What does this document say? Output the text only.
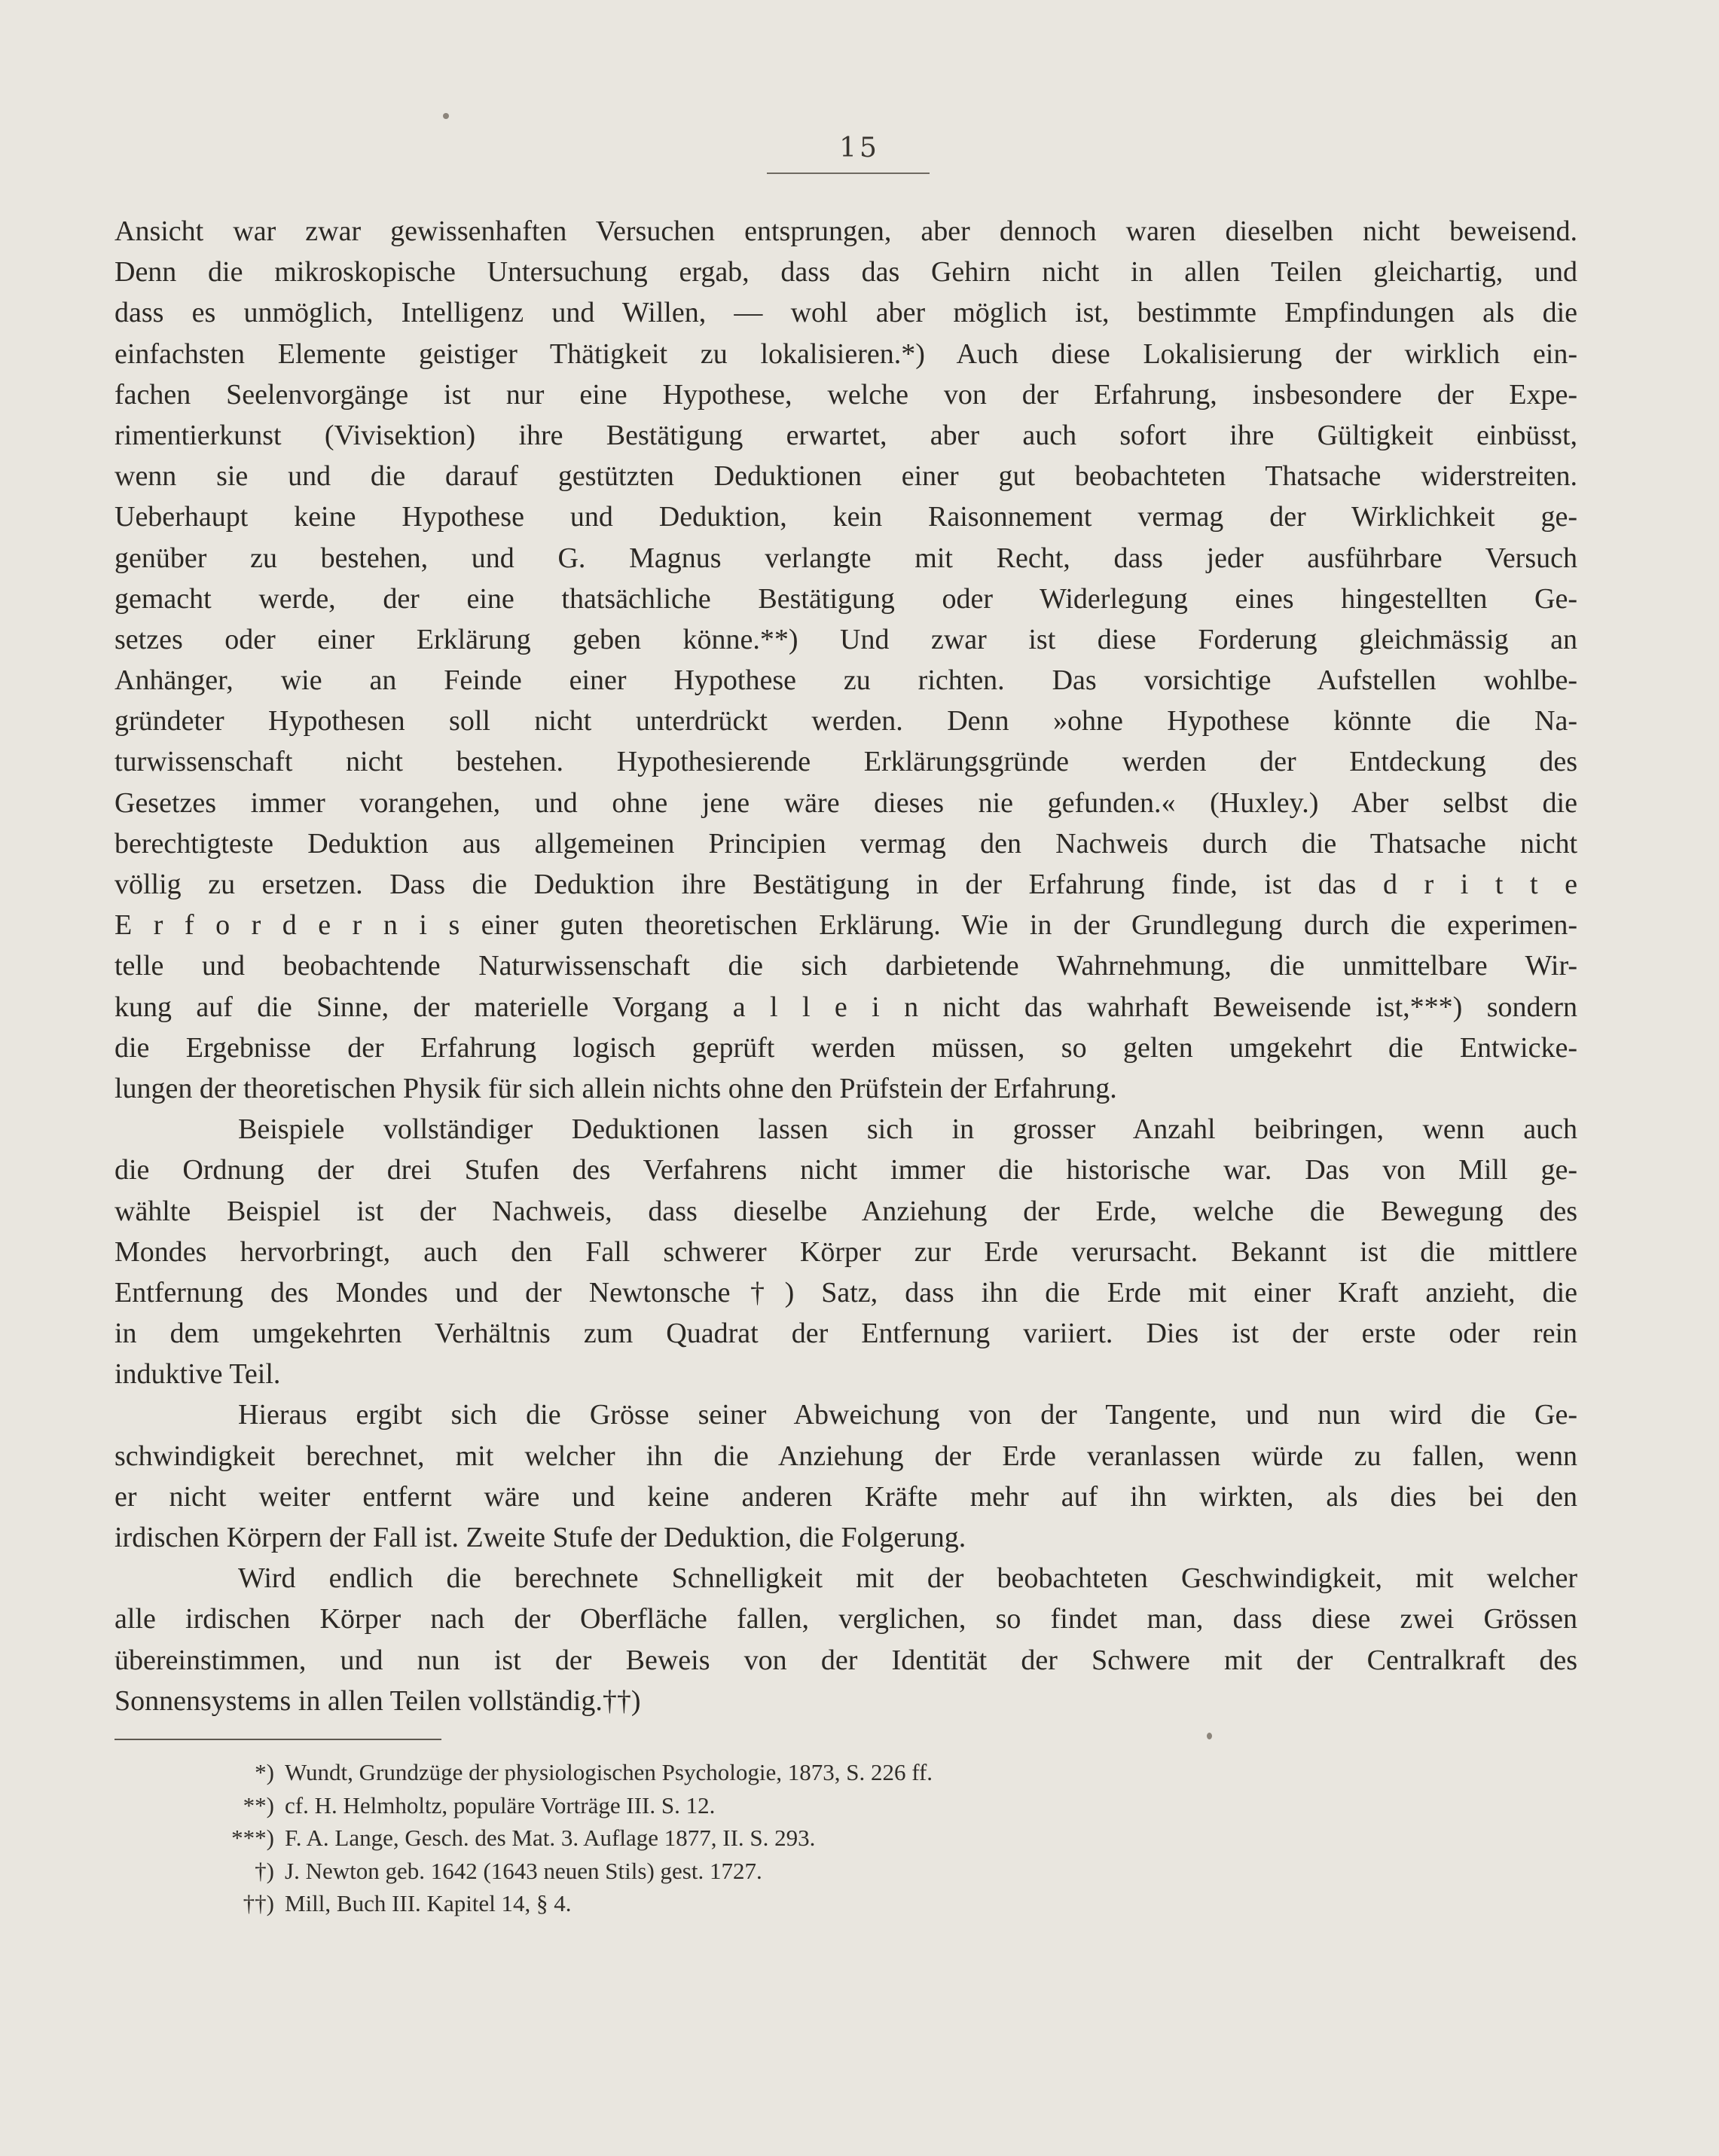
15
Ansicht war zwar gewissenhaften Versuchen entsprungen, aber dennoch waren dieselben nicht beweisend.
Denn die mikroskopische Untersuchung ergab, dass das Gehirn nicht in allen Teilen gleichartig, und
dass es unmöglich, Intelligenz und Willen, — wohl aber möglich ist, bestimmte Empfindungen als die
einfachsten Elemente geistiger Thätigkeit zu lokalisieren.*) Auch diese Lokalisierung der wirklich ein-
fachen Seelenvorgänge ist nur eine Hypothese, welche von der Erfahrung, insbesondere der Expe-
rimentierkunst (Vivisektion) ihre Bestätigung erwartet, aber auch sofort ihre Gültigkeit einbüsst,
wenn sie und die darauf gestützten Deduktionen einer gut beobachteten Thatsache widerstreiten.
Ueberhaupt keine Hypothese und Deduktion, kein Raisonnement vermag der Wirklichkeit ge-
genüber zu bestehen, und G. Magnus verlangte mit Recht, dass jeder ausführbare Versuch
gemacht werde, der eine thatsächliche Bestätigung oder Widerlegung eines hingestellten Ge-
setzes oder einer Erklärung geben könne.**) Und zwar ist diese Forderung gleichmässig an
Anhänger, wie an Feinde einer Hypothese zu richten. Das vorsichtige Aufstellen wohlbe-
gründeter Hypothesen soll nicht unterdrückt werden. Denn »ohne Hypothese könnte die Na-
turwissenschaft nicht bestehen. Hypothesierende Erklärungsgründe werden der Entdeckung des
Gesetzes immer vorangehen, und ohne jene wäre dieses nie gefunden.« (Huxley.) Aber selbst die
berechtigteste Deduktion aus allgemeinen Principien vermag den Nachweis durch die Thatsache nicht
völlig zu ersetzen. Dass die Deduktion ihre Bestätigung in der Erfahrung finde, ist das d r i t t e
E r f o r d e r n i s einer guten theoretischen Erklärung. Wie in der Grundlegung durch die experimen-
telle und beobachtende Naturwissenschaft die sich darbietende Wahrnehmung, die unmittelbare Wir-
kung auf die Sinne, der materielle Vorgang a l l e i n nicht das wahrhaft Beweisende ist,***) sondern
die Ergebnisse der Erfahrung logisch geprüft werden müssen, so gelten umgekehrt die Entwicke-
lungen der theoretischen Physik für sich allein nichts ohne den Prüfstein der Erfahrung.
Beispiele vollständiger Deduktionen lassen sich in grosser Anzahl beibringen, wenn auch
die Ordnung der drei Stufen des Verfahrens nicht immer die historische war. Das von Mill ge-
wählte Beispiel ist der Nachweis, dass dieselbe Anziehung der Erde, welche die Bewegung des
Mondes hervorbringt, auch den Fall schwerer Körper zur Erde verursacht. Bekannt ist die mittlere
Entfernung des Mondes und der Newtonsche†) Satz, dass ihn die Erde mit einer Kraft anzieht, die
in dem umgekehrten Verhältnis zum Quadrat der Entfernung variiert. Dies ist der erste oder rein
induktive Teil.
Hieraus ergibt sich die Grösse seiner Abweichung von der Tangente, und nun wird die Ge-
schwindigkeit berechnet, mit welcher ihn die Anziehung der Erde veranlassen würde zu fallen, wenn
er nicht weiter entfernt wäre und keine anderen Kräfte mehr auf ihn wirkten, als dies bei den
irdischen Körpern der Fall ist. Zweite Stufe der Deduktion, die Folgerung.
Wird endlich die berechnete Schnelligkeit mit der beobachteten Geschwindigkeit, mit welcher
alle irdischen Körper nach der Oberfläche fallen, verglichen, so findet man, dass diese zwei Grössen
übereinstimmen, und nun ist der Beweis von der Identität der Schwere mit der Centralkraft des
Sonnensystems in allen Teilen vollständig.††)
*) Wundt, Grundzüge der physiologischen Psychologie, 1873, S. 226 ff.
**) cf. H. Helmholtz, populäre Vorträge III. S. 12.
***) F. A. Lange, Gesch. des Mat. 3. Auflage 1877, II. S. 293.
†) J. Newton geb. 1642 (1643 neuen Stils) gest. 1727.
††) Mill, Buch III. Kapitel 14, § 4.
